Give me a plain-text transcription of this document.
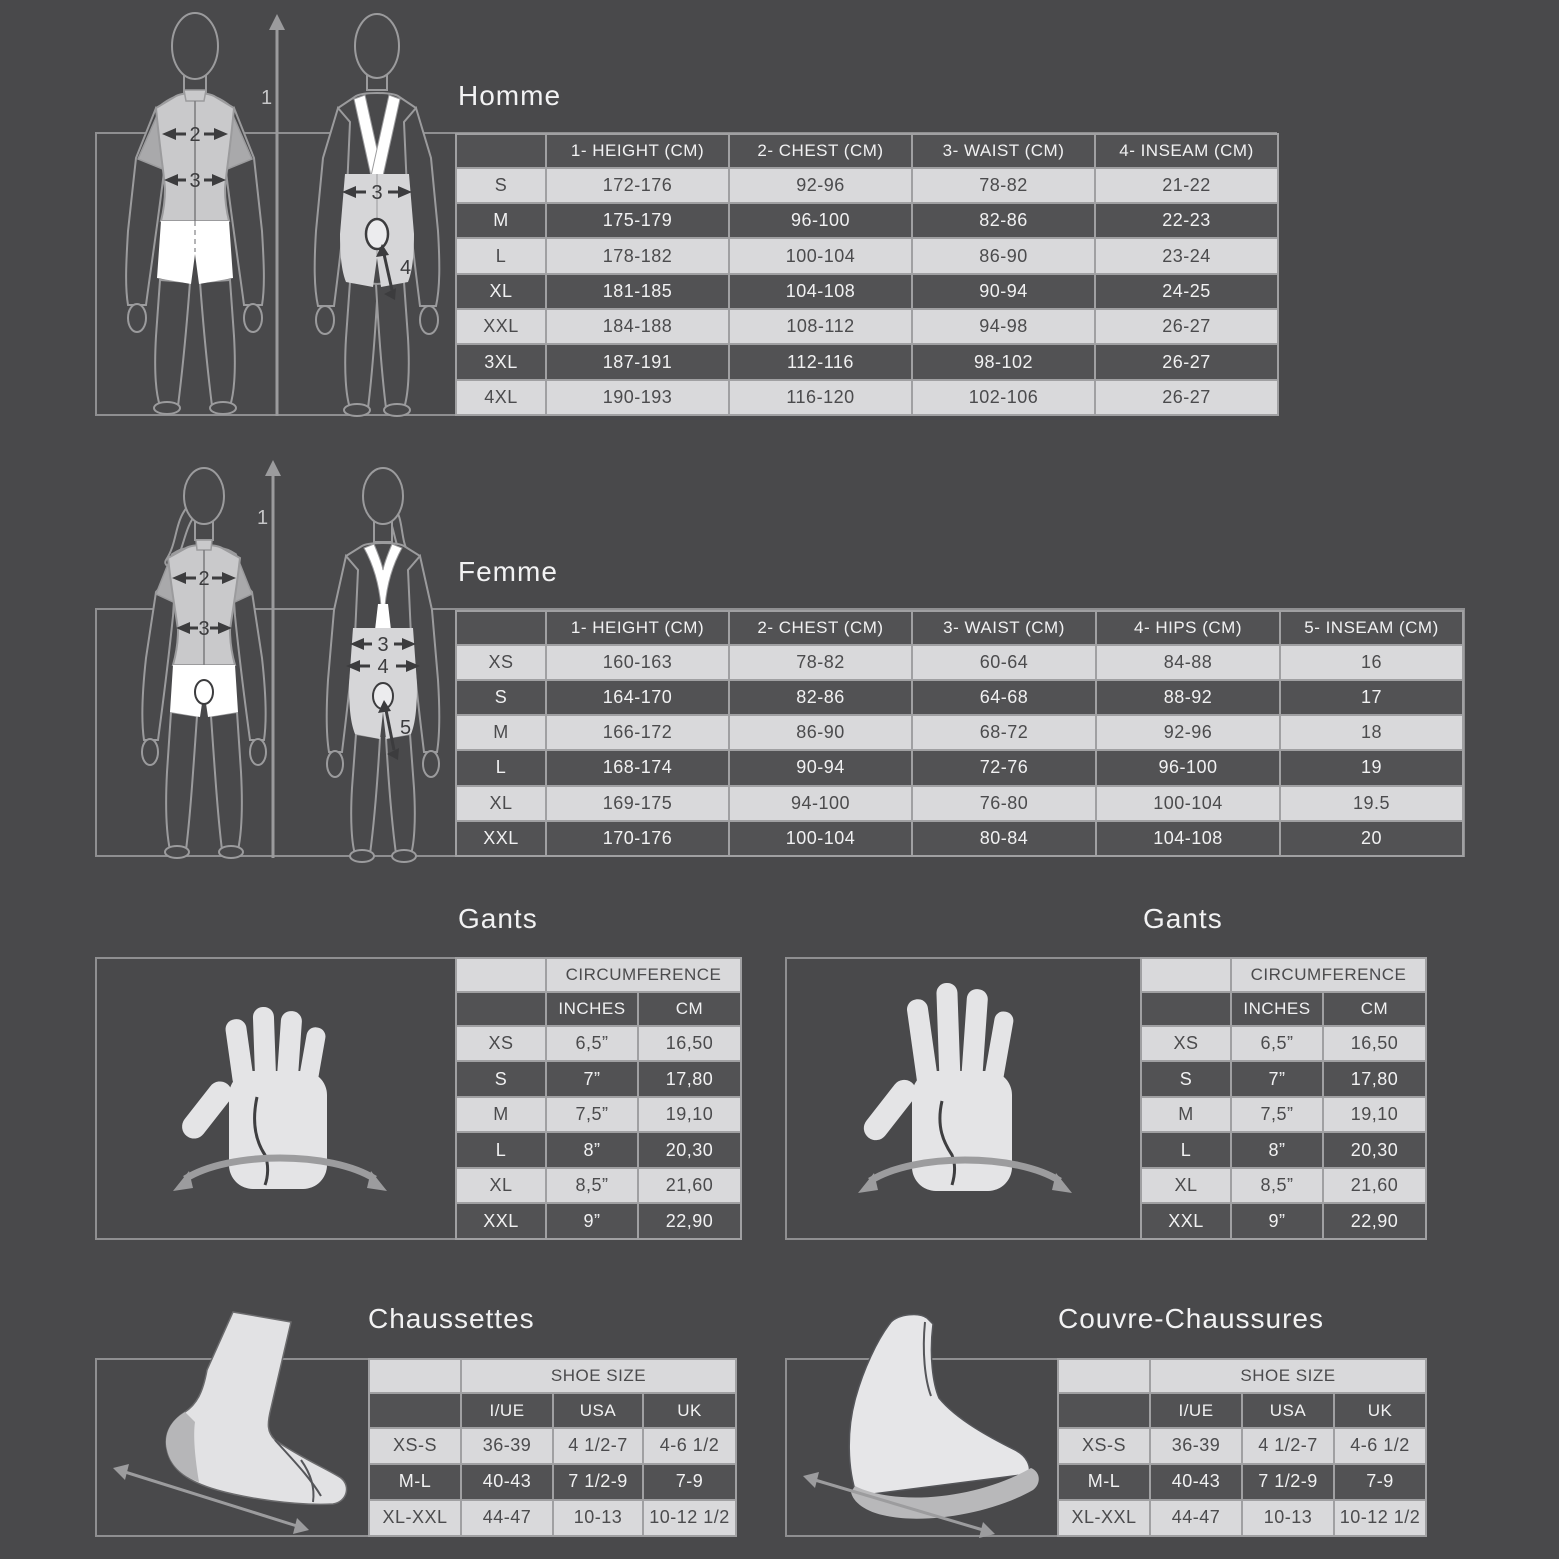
Homme
2
3
1
3
4
	1- HEIGHT (CM)	2- CHEST (CM)	3- WAIST (CM)	4- INSEAM (CM)
S	172-176	92-96	78-82	21-22
M	175-179	96-100	82-86	22-23
L	178-182	100-104	86-90	23-24
XL	181-185	104-108	90-94	24-25
XXL	184-188	108-112	94-98	26-27
3XL	187-191	112-116	98-102	26-27
4XL	190-193	116-120	102-106	26-27
Femme
2
3
1
3
4
5
	1- HEIGHT (CM)	2- CHEST (CM)	3- WAIST (CM)	4- HIPS (CM)	5- INSEAM (CM)
XS	160-163	78-82	60-64	84-88	16
S	164-170	82-86	64-68	88-92	17
M	166-172	86-90	68-72	92-96	18
L	168-174	90-94	72-76	96-100	19
XL	169-175	94-100	76-80	100-104	19.5
XXL	170-176	100-104	80-84	104-108	20
Gants
	CIRCUMFERENCE	
	INCHES	CM
XS	6,5”	16,50
S	7”	17,80
M	7,5”	19,10
L	8”	20,30
XL	8,5”	21,60
XXL	9”	22,90
Gants
	CIRCUMFERENCE	
	INCHES	CM
XS	6,5”	16,50
S	7”	17,80
M	7,5”	19,10
L	8”	20,30
XL	8,5”	21,60
XXL	9”	22,90
Chaussettes
	SHOE SIZE		
	I/UE	USA	UK
XS-S	36-39	4 1/2-7	4-6 1/2
M-L	40-43	7 1/2-9	7-9
XL-XXL	44-47	10-13	10-12 1/2
Couvre-Chaussures
	SHOE SIZE		
	I/UE	USA	UK
XS-S	36-39	4 1/2-7	4-6 1/2
M-L	40-43	7 1/2-9	7-9
XL-XXL	44-47	10-13	10-12 1/2
